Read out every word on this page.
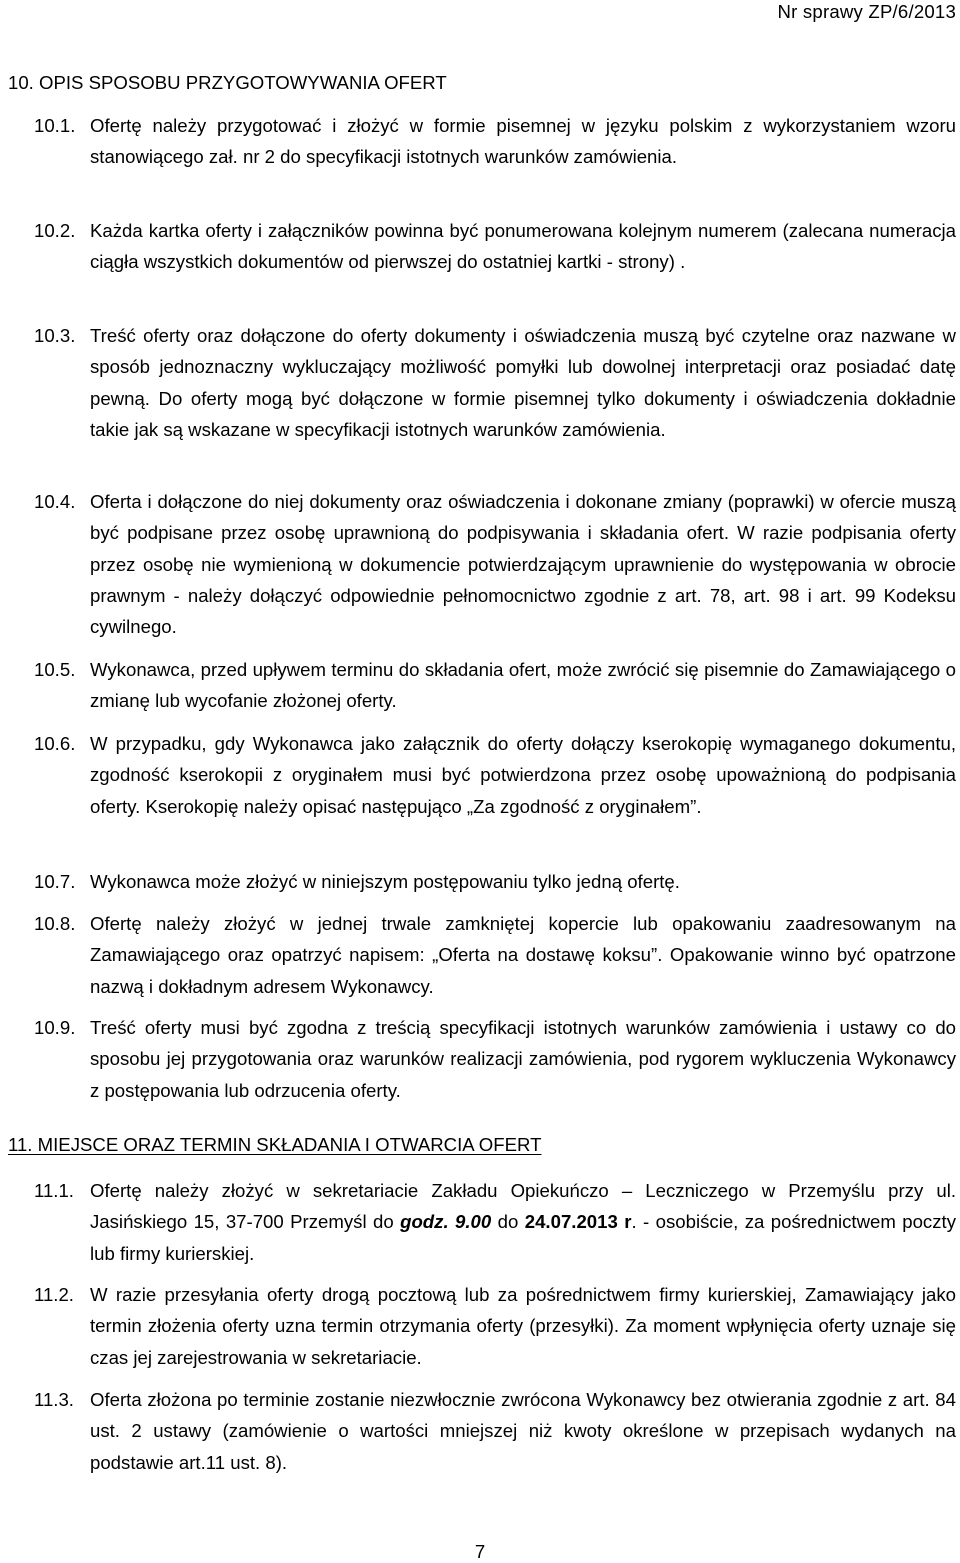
Nr sprawy ZP/6/2013
10. OPIS SPOSOBU PRZYGOTOWYWANIA OFERT
10.1. Ofertę należy przygotować i złożyć w formie pisemnej w języku polskim z wykorzystaniem wzoru stanowiącego zał. nr 2 do specyfikacji istotnych warunków zamówienia.
10.2. Każda kartka oferty i załączników powinna być ponumerowana kolejnym numerem (zalecana numeracja ciągła wszystkich dokumentów od pierwszej do ostatniej kartki - strony) .
10.3. Treść oferty oraz dołączone do oferty dokumenty i oświadczenia muszą być czytelne oraz nazwane w sposób jednoznaczny wykluczający możliwość pomyłki lub dowolnej interpretacji oraz posiadać datę pewną. Do oferty mogą być dołączone w formie pisemnej tylko dokumenty i oświadczenia dokładnie takie jak są wskazane w specyfikacji istotnych warunków zamówienia.
10.4. Oferta i dołączone do niej dokumenty oraz oświadczenia i dokonane zmiany (poprawki) w ofercie muszą być podpisane przez osobę uprawnioną do podpisywania i składania ofert. W razie podpisania oferty przez osobę nie wymienioną w dokumencie potwierdzającym uprawnienie do występowania w obrocie prawnym - należy dołączyć odpowiednie pełnomocnictwo zgodnie z art. 78, art. 98 i art. 99 Kodeksu cywilnego.
10.5. Wykonawca, przed upływem terminu do składania ofert, może zwrócić się pisemnie do Zamawiającego o zmianę lub wycofanie złożonej oferty.
10.6. W przypadku, gdy Wykonawca jako załącznik do oferty dołączy kserokopię wymaganego dokumentu, zgodność kserokopii z oryginałem musi być potwierdzona przez osobę upoważnioną do podpisania oferty. Kserokopię należy opisać następująco „Za zgodność z oryginałem”.
10.7. Wykonawca może złożyć w niniejszym postępowaniu tylko jedną ofertę.
10.8. Ofertę należy złożyć w jednej trwale zamkniętej kopercie lub opakowaniu zaadresowanym na Zamawiającego oraz opatrzyć napisem: „Oferta na dostawę koksu”. Opakowanie winno być opatrzone nazwą i dokładnym adresem Wykonawcy.
10.9. Treść oferty musi być zgodna z treścią specyfikacji istotnych warunków zamówienia i ustawy co do sposobu jej przygotowania oraz warunków realizacji zamówienia, pod rygorem wykluczenia Wykonawcy z postępowania lub odrzucenia oferty.
11. MIEJSCE ORAZ TERMIN SKŁADANIA I OTWARCIA OFERT
11.1. Ofertę należy złożyć w sekretariacie Zakładu Opiekuńczo – Leczniczego w Przemyślu przy ul. Jasińskiego 15, 37-700 Przemyśl do godz. 9.00 do 24.07.2013 r. - osobiście, za pośrednictwem poczty lub firmy kurierskiej.
11.2. W razie przesyłania oferty drogą pocztową lub za pośrednictwem firmy kurierskiej, Zamawiający jako termin złożenia oferty uzna termin otrzymania oferty (przesyłki). Za moment wpłynięcia oferty uznaje się czas jej zarejestrowania w sekretariacie.
11.3. Oferta złożona po terminie zostanie niezwłocznie zwrócona Wykonawcy bez otwierania zgodnie z art. 84 ust. 2 ustawy (zamówienie o wartości mniejszej niż kwoty określone w przepisach wydanych na podstawie art.11 ust. 8).
7
